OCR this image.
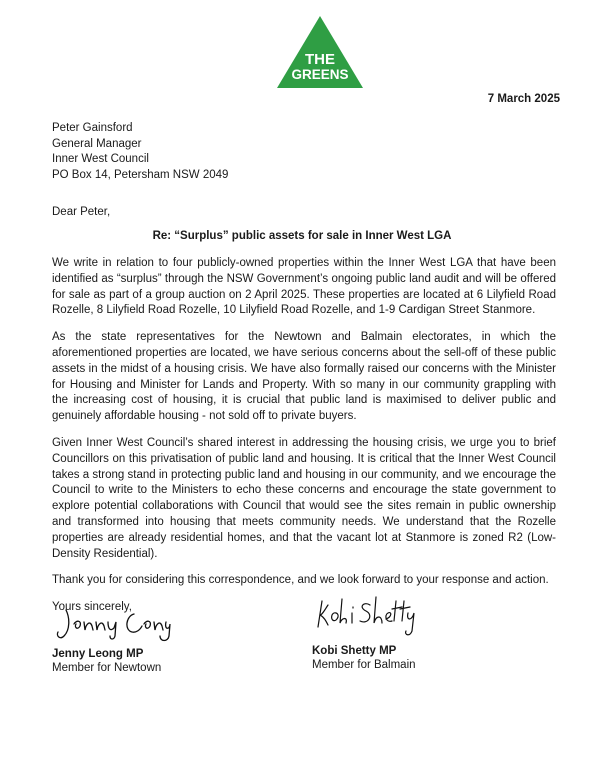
THE
GREENS
7 March 2025
Peter Gainsford
General Manager
Inner West Council
PO Box 14, Petersham NSW 2049
Dear Peter,
Re: “Surplus” public assets for sale in Inner West LGA

We write in relation to four publicly-owned properties within the Inner West LGA that have been identified as “surplus” through the NSW Government’s ongoing public land audit and will be offered for sale as part of a group auction on 2 April 2025. These properties are located at 6 Lilyfield Road Rozelle, 8 Lilyfield Road Rozelle, 10 Lilyfield Road Rozelle, and 1-9 Cardigan Street Stanmore.

As the state representatives for the Newtown and Balmain electorates, in which the aforementioned properties are located, we have serious concerns about the sell-off of these public assets in the midst of a housing crisis. We have also formally raised our concerns with the Minister for Housing and Minister for Lands and Property. With so many in our community grappling with the increasing cost of housing, it is crucial that public land is maximised to deliver public and genuinely affordable housing - not sold off to private buyers.

Given Inner West Council’s shared interest in addressing the housing crisis, we urge you to brief Councillors on this privatisation of public land and housing. It is critical that the Inner West Council takes a strong stand in protecting public land and housing in our community, and we encourage the Council to write to the Ministers to echo these concerns and encourage the state government to explore potential collaborations with Council that would see the sites remain in public ownership and transformed into housing that meets community needs. We understand that the Rozelle properties are already residential homes, and that the vacant lot at Stanmore is zoned R2 (Low-Density Residential).

Thank you for considering this correspondence, and we look forward to your response and action.

Yours sincerely,

Jenny Leong MP
Member for Newtown
Kobi Shetty MP
Member for Balmain
